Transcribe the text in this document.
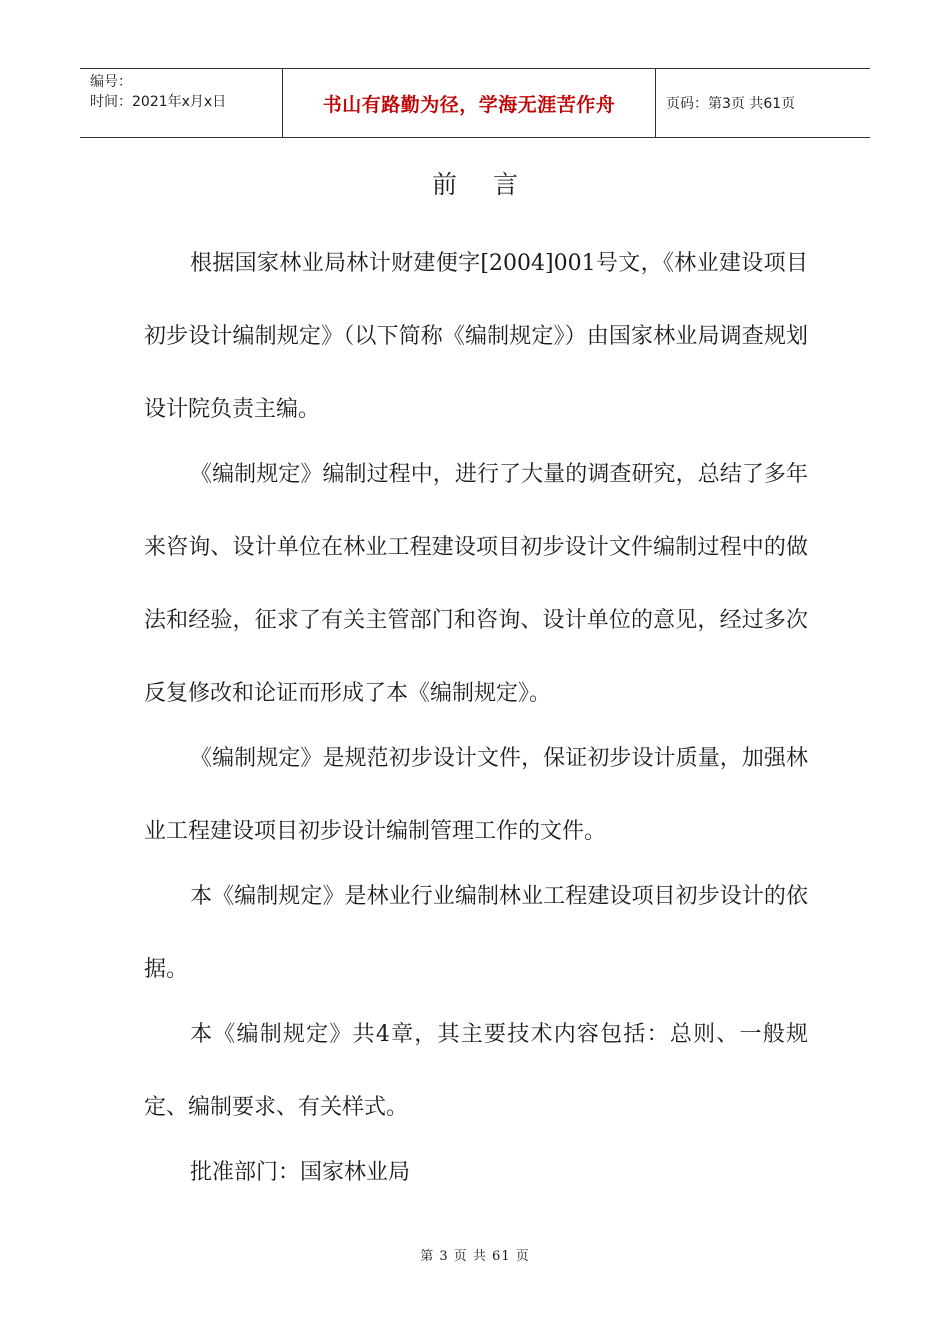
编号：
时间：2021年x月x日	书山有路勤为径，学海无涯苦作舟	页码：第3页 共61页
前言

根据国家林业局林计财建便字[2004]001号文，《林业建设项目初步设计编制规定》（以下简称《编制规定》）由国家林业局调查规划设计院负责主编。

《编制规定》编制过程中，进行了大量的调查研究，总结了多年来咨询、设计单位在林业工程建设项目初步设计文件编制过程中的做法和经验，征求了有关主管部门和咨询、设计单位的意见，经过多次反复修改和论证而形成了本《编制规定》。

《编制规定》是规范初步设计文件，保证初步设计质量，加强林业工程建设项目初步设计编制管理工作的文件。

本《编制规定》是林业行业编制林业工程建设项目初步设计的依据。

本《编制规定》共4章，其主要技术内容包括：总则、一般规定、编制要求、有关样式。

批准部门：国家林业局

第 3 页 共 61 页
